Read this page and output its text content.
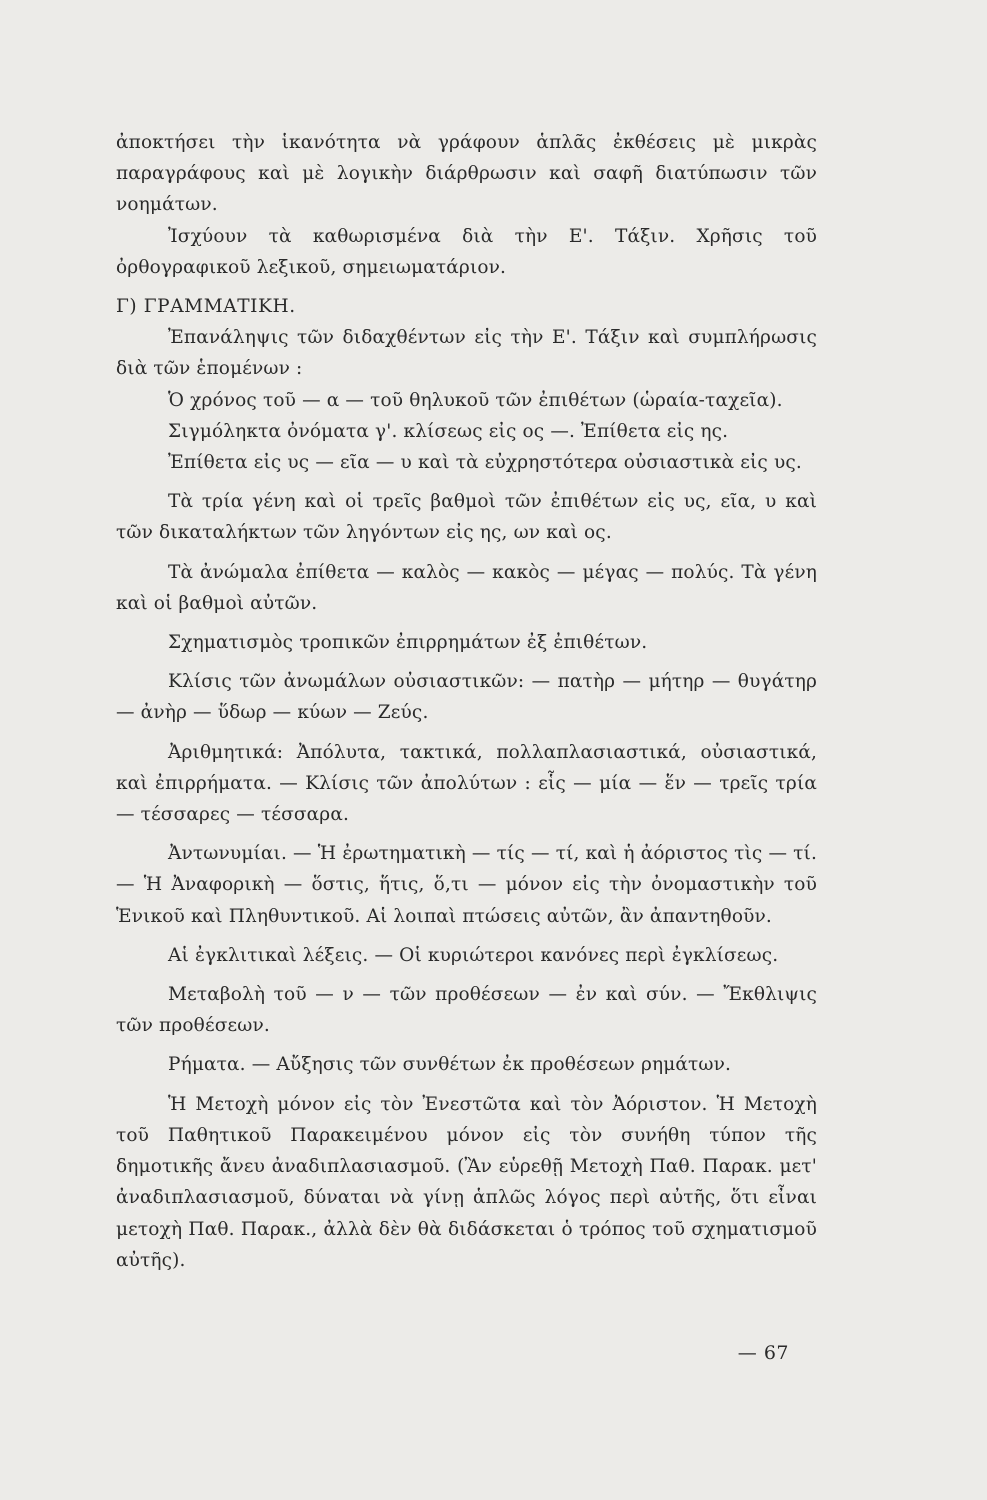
ἀποκτήσει τὴν ἱκανότητα νὰ γράφουν ἁπλᾶς ἐκθέσεις μὲ μικρὰς παραγράφους καὶ μὲ λογικὴν διάρθρωσιν καὶ σαφῆ διατύπωσιν τῶν νοημάτων.

Ἰσχύουν τὰ καθωρισμένα διὰ τὴν Ε'. Τάξιν. Χρῆσις τοῦ ὀρθογραφικοῦ λεξικοῦ, σημειωματάριον.

Γ) ΓΡΑΜΜΑΤΙΚΗ.

Ἐπανάληψις τῶν διδαχθέντων εἰς τὴν Ε'. Τάξιν καὶ συμπλήρωσις διὰ τῶν ἑπομένων :

Ὁ χρόνος τοῦ — α — τοῦ θηλυκοῦ τῶν ἐπιθέτων (ὡραία-ταχεῖα).

Σιγμόληκτα ὀνόματα γ'. κλίσεως εἰς ος —. Ἐπίθετα εἰς ης.

Ἐπίθετα εἰς υς — εῖα — υ καὶ τὰ εὐχρηστότερα οὐσιαστικὰ εἰς υς.

Τὰ τρία γένη καὶ οἱ τρεῖς βαθμοὶ τῶν ἐπιθέτων εἰς υς, εῖα, υ καὶ τῶν δικαταλήκτων τῶν ληγόντων εἰς ης, ων καὶ ος.

Τὰ ἀνώμαλα ἐπίθετα — καλὸς — κακὸς — μέγας — πολύς. Τὰ γένη καὶ οἱ βαθμοὶ αὐτῶν.

Σχηματισμὸς τροπικῶν ἐπιρρημάτων ἐξ ἐπιθέτων.

Κλίσις τῶν ἀνωμάλων οὐσιαστικῶν: — πατὴρ — μήτηρ — θυγάτηρ — ἀνὴρ — ὕδωρ — κύων — Ζεύς.

Ἀριθμητικά: Ἀπόλυτα, τακτικά, πολλαπλασιαστικά, οὐσιαστικά, καὶ ἐπιρρήματα. — Κλίσις τῶν ἀπολύτων : εἷς — μία — ἕν — τρεῖς τρία — τέσσαρες — τέσσαρα.

Ἀντωνυμίαι. — Ἡ ἐρωτηματικὴ — τίς — τί, καὶ ἡ ἀόριστος τὶς — τί. — Ἡ Ἀναφορικὴ — ὅστις, ἥτις, ὅ,τι — μόνον εἰς τὴν ὀνομαστικὴν τοῦ Ἑνικοῦ καὶ Πληθυντικοῦ. Αἱ λοιπαὶ πτώσεις αὐτῶν, ἂν ἀπαντηθοῦν.

Αἱ ἐγκλιτικαὶ λέξεις. — Οἱ κυριώτεροι κανόνες περὶ ἐγκλίσεως.

Μεταβολὴ τοῦ — ν — τῶν προθέσεων — ἐν καὶ σύν. — Ἔκθλιψις τῶν προθέσεων.

Ρήματα. — Αὔξησις τῶν συνθέτων ἐκ προθέσεων ρημάτων.

Ἡ Μετοχὴ μόνον εἰς τὸν Ἐνεστῶτα καὶ τὸν Ἀόριστον. Ἡ Μετοχὴ τοῦ Παθητικοῦ Παρακειμένου μόνον εἰς τὸν συνήθη τύπον τῆς δημοτικῆς ἄνευ ἀναδιπλασιασμοῦ. (Ἂν εὑρεθῇ Μετοχὴ Παθ. Παρακ. μετ' ἀναδιπλασιασμοῦ, δύναται νὰ γίνῃ ἁπλῶς λόγος περὶ αὐτῆς, ὅτι εἶναι μετοχὴ Παθ. Παρακ., ἀλλὰ δὲν θὰ διδάσκεται ὁ τρόπος τοῦ σχηματισμοῦ αὐτῆς).

— 67
